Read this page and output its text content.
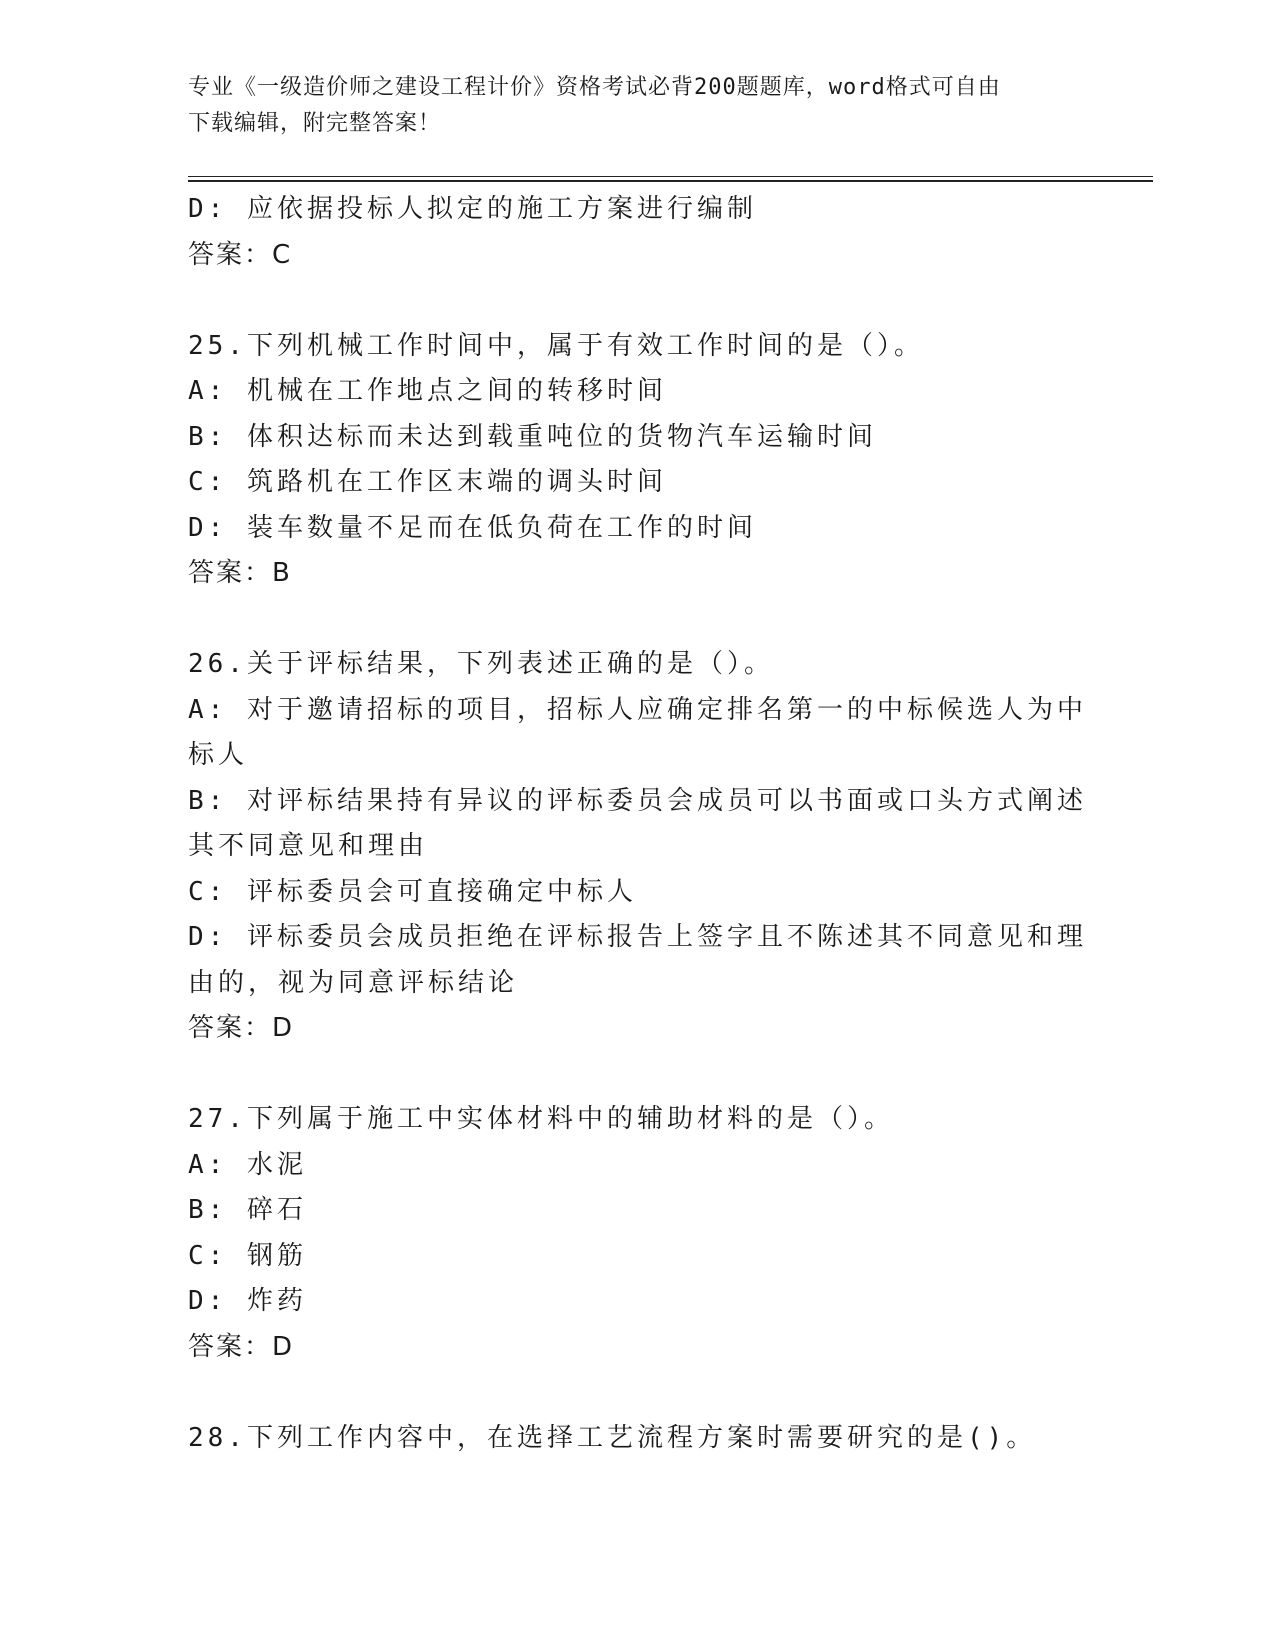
专业《一级造价师之建设工程计价》资格考试必背200题题库，word格式可自由
下载编辑，附完整答案！
D: 应依据投标人拟定的施工方案进行编制
答案：C
25.下列机械工作时间中，属于有效工作时间的是（）。
A: 机械在工作地点之间的转移时间
B: 体积达标而未达到载重吨位的货物汽车运输时间
C: 筑路机在工作区末端的调头时间
D: 装车数量不足而在低负荷在工作的时间
答案：B
26.关于评标结果，下列表述正确的是（）。
A: 对于邀请招标的项目，招标人应确定排名第一的中标候选人为中标人
B: 对评标结果持有异议的评标委员会成员可以书面或口头方式阐述其不同意见和理由
C: 评标委员会可直接确定中标人
D: 评标委员会成员拒绝在评标报告上签字且不陈述其不同意见和理由的，视为同意评标结论
答案：D
27.下列属于施工中实体材料中的辅助材料的是（）。
A: 水泥
B: 碎石
C: 钢筋
D: 炸药
答案：D
28.下列工作内容中，在选择工艺流程方案时需要研究的是()。
